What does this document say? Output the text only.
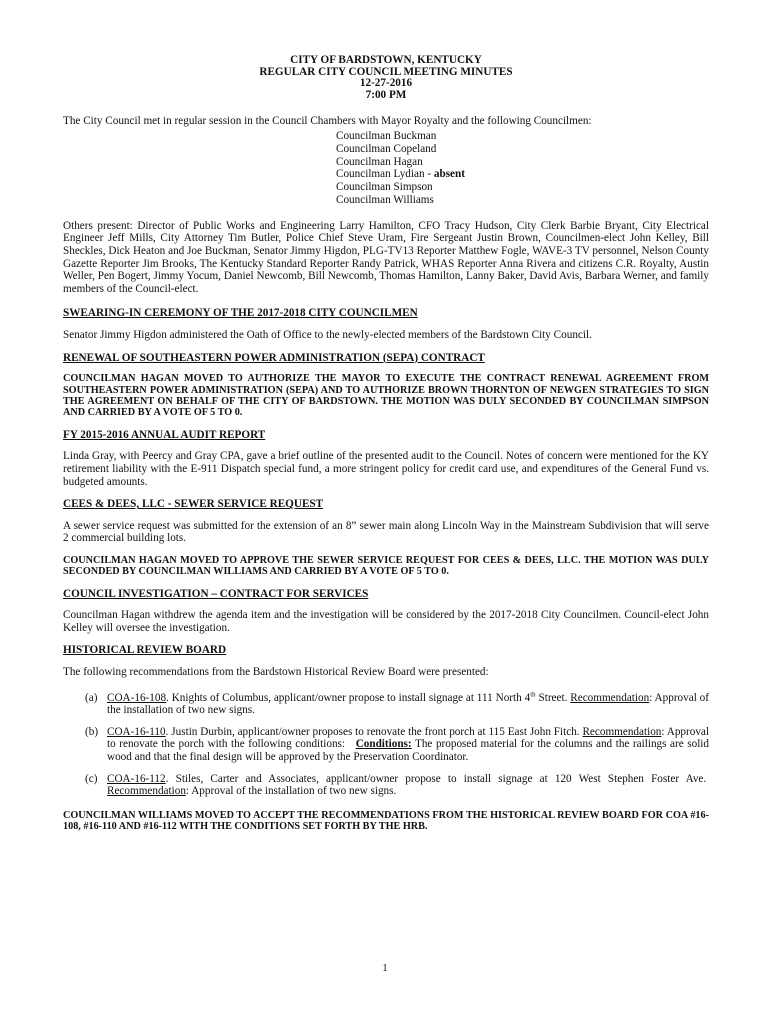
CITY OF BARDSTOWN, KENTUCKY
REGULAR CITY COUNCIL MEETING MINUTES
12-27-2016
7:00 PM

The City Council met in regular session in the Council Chambers with Mayor Royalty and the following Councilmen:

Councilman Buckman
Councilman Copeland
Councilman Hagan
Councilman Lydian - absent
Councilman Simpson
Councilman Williams

Others present: Director of Public Works and Engineering Larry Hamilton, CFO Tracy Hudson, City Clerk Barbie Bryant, City Electrical Engineer Jeff Mills, City Attorney Tim Butler, Police Chief Steve Uram, Fire Sergeant Justin Brown, Councilmen-elect John Kelley, Bill Sheckles, Dick Heaton and Joe Buckman, Senator Jimmy Higdon, PLG-TV13 Reporter Matthew Fogle, WAVE-3 TV personnel, Nelson County Gazette Reporter Jim Brooks, The Kentucky Standard Reporter Randy Patrick, WHAS Reporter Anna Rivera and citizens C.R. Royalty, Austin Weller, Pen Bogert, Jimmy Yocum, Daniel Newcomb, Bill Newcomb, Thomas Hamilton, Lanny Baker, David Avis, Barbara Werner, and family members of the Council-elect.

SWEARING-IN CEREMONY OF THE 2017-2018 CITY COUNCILMEN

Senator Jimmy Higdon administered the Oath of Office to the newly-elected members of the Bardstown City Council.

RENEWAL OF SOUTHEASTERN POWER ADMINISTRATION (SEPA) CONTRACT

COUNCILMAN HAGAN MOVED TO AUTHORIZE THE MAYOR TO EXECUTE THE CONTRACT RENEWAL AGREEMENT FROM SOUTHEASTERN POWER ADMINISTRATION (SEPA) AND TO AUTHORIZE BROWN THORNTON OF NEWGEN STRATEGIES TO SIGN THE AGREEMENT ON BEHALF OF THE CITY OF BARDSTOWN. THE MOTION WAS DULY SECONDED BY COUNCILMAN SIMPSON AND CARRIED BY A VOTE OF 5 TO 0.

FY 2015-2016 ANNUAL AUDIT REPORT

Linda Gray, with Peercy and Gray CPA, gave a brief outline of the presented audit to the Council. Notes of concern were mentioned for the KY retirement liability with the E-911 Dispatch special fund, a more stringent policy for credit card use, and expenditures of the General Fund vs. budgeted amounts.

CEES & DEES, LLC - SEWER SERVICE REQUEST

A sewer service request was submitted for the extension of an 8” sewer main along Lincoln Way in the Mainstream Subdivision that will serve 2 commercial building lots.

COUNCILMAN HAGAN MOVED TO APPROVE THE SEWER SERVICE REQUEST FOR CEES & DEES, LLC. THE MOTION WAS DULY SECONDED BY COUNCILMAN WILLIAMS AND CARRIED BY A VOTE OF 5 TO 0.

COUNCIL INVESTIGATION – CONTRACT FOR SERVICES

Councilman Hagan withdrew the agenda item and the investigation will be considered by the 2017-2018 City Councilmen. Council-elect John Kelley will oversee the investigation.

HISTORICAL REVIEW BOARD

The following recommendations from the Bardstown Historical Review Board were presented:

(a) COA-16-108. Knights of Columbus, applicant/owner propose to install signage at 111 North 4th Street. Recommendation: Approval of the installation of two new signs.
(b) COA-16-110. Justin Durbin, applicant/owner proposes to renovate the front porch at 115 East John Fitch. Recommendation: Approval to renovate the porch with the following conditions: Conditions: The proposed material for the columns and the railings are solid wood and that the final design will be approved by the Preservation Coordinator.
(c) COA-16-112. Stiles, Carter and Associates, applicant/owner propose to install signage at 120 West Stephen Foster Ave.  Recommendation: Approval of the installation of two new signs.

COUNCILMAN WILLIAMS MOVED TO ACCEPT THE RECOMMENDATIONS FROM THE HISTORICAL REVIEW BOARD FOR COA #16-108, #16-110 AND #16-112 WITH THE CONDITIONS SET FORTH BY THE HRB.

1
